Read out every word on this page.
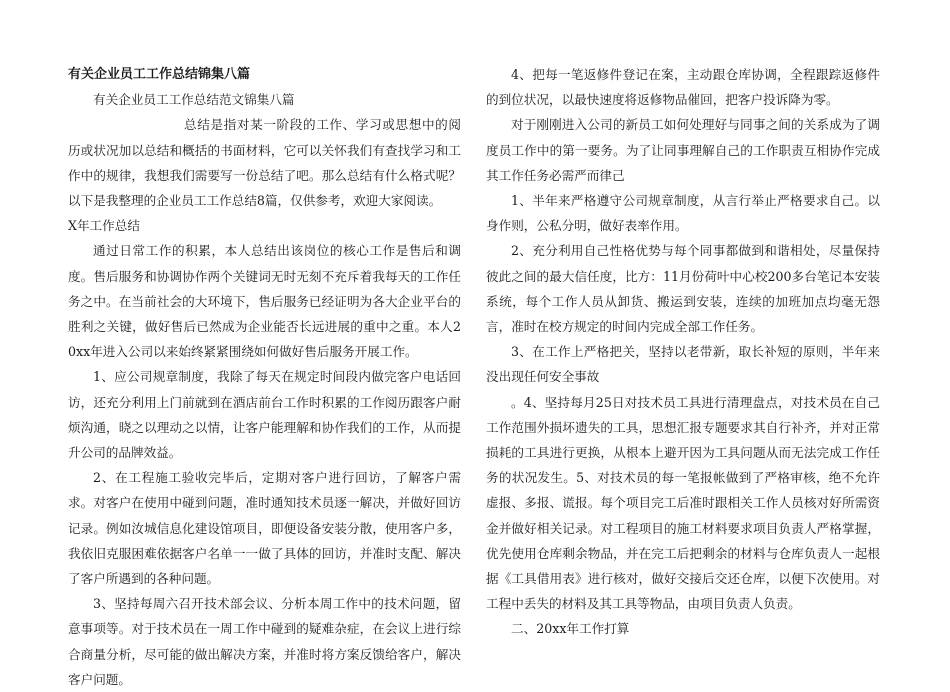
有关企业员工工作总结锦集八篇

有关企业员工工作总结范文锦集八篇

总结是指对某一阶段的工作、学习或思想中的阅历或状况加以总结和概括的书面材料，它可以关怀我们有查找学习和工作中的规律，我想我们需要写一份总结了吧。那么总结有什么格式呢？以下是我整理的企业员工工作总结8篇，仅供参考，欢迎大家阅读。

X年工作总结

通过日常工作的积累，本人总结出该岗位的核心工作是售后和调度。售后服务和协调协作两个关键词无时无刻不充斥着我每天的工作任务之中。在当前社会的大环境下，售后服务已经证明为各大企业平台的胜利之关键，做好售后已然成为企业能否长远进展的重中之重。本人20xx年进入公司以来始终紧紧围绕如何做好售后服务开展工作。

1、应公司规章制度，我除了每天在规定时间段内做完客户电话回访，还充分利用上门前就到在酒店前台工作时积累的工作阅历跟客户耐烦沟通，晓之以理动之以情，让客户能理解和协作我们的工作，从而提升公司的品牌效益。

2、在工程施工验收完毕后，定期对客户进行回访，了解客户需求。对客户在使用中碰到问题，准时通知技术员逐一解决，并做好回访记录。例如汝城信息化建设馆项目，即便设备安装分散，使用客户多，我依旧克服困难依据客户名单一一做了具体的回访，并准时支配、解决了客户所遇到的各种问题。

3、坚持每周六召开技术部会议、分析本周工作中的技术问题，留意事项等。对于技术员在一周工作中碰到的疑难杂症，在会议上进行综合商量分析，尽可能的做出解决方案，并准时将方案反馈给客户，解决客户问题。

4、把每一笔返修件登记在案，主动跟仓库协调，全程跟踪返修件的到位状况，以最快速度将返修物品催回，把客户投诉降为零。

对于刚刚进入公司的新员工如何处理好与同事之间的关系成为了调度员工作中的第一要务。为了让同事理解自己的工作职责互相协作完成其工作任务必需严而律己

1、半年来严格遵守公司规章制度，从言行举止严格要求自己。以身作则，公私分明，做好表率作用。

2、充分利用自己性格优势与每个同事都做到和谐相处，尽量保持彼此之间的最大信任度，比方：11月份荷叶中心校200多台笔记本安装系统，每个工作人员从卸货、搬运到安装，连续的加班加点均毫无怨言，准时在校方规定的时间内完成全部工作任务。

3、在工作上严格把关，坚持以老带新，取长补短的原则，半年来没出现任何安全事故

。4、坚持每月25日对技术员工具进行清理盘点，对技术员在自己工作范围外损坏遗失的工具，思想汇报专题要求其自行补齐，并对正常损耗的工具进行更换，从根本上避开因为工具问题从而无法完成工作任务的状况发生。5、对技术员的每一笔报帐做到了严格审核，绝不允许虚报、多报、谎报。每个项目完工后准时跟相关工作人员核对好所需资金并做好相关记录。对工程项目的施工材料要求项目负责人严格掌握，优先使用仓库剩余物品，并在完工后把剩余的材料与仓库负责人一起根据《工具借用表》进行核对，做好交接后交还仓库，以便下次使用。对工程中丢失的材料及其工具等物品，由项目负责人负责。

二、20xx年工作打算
